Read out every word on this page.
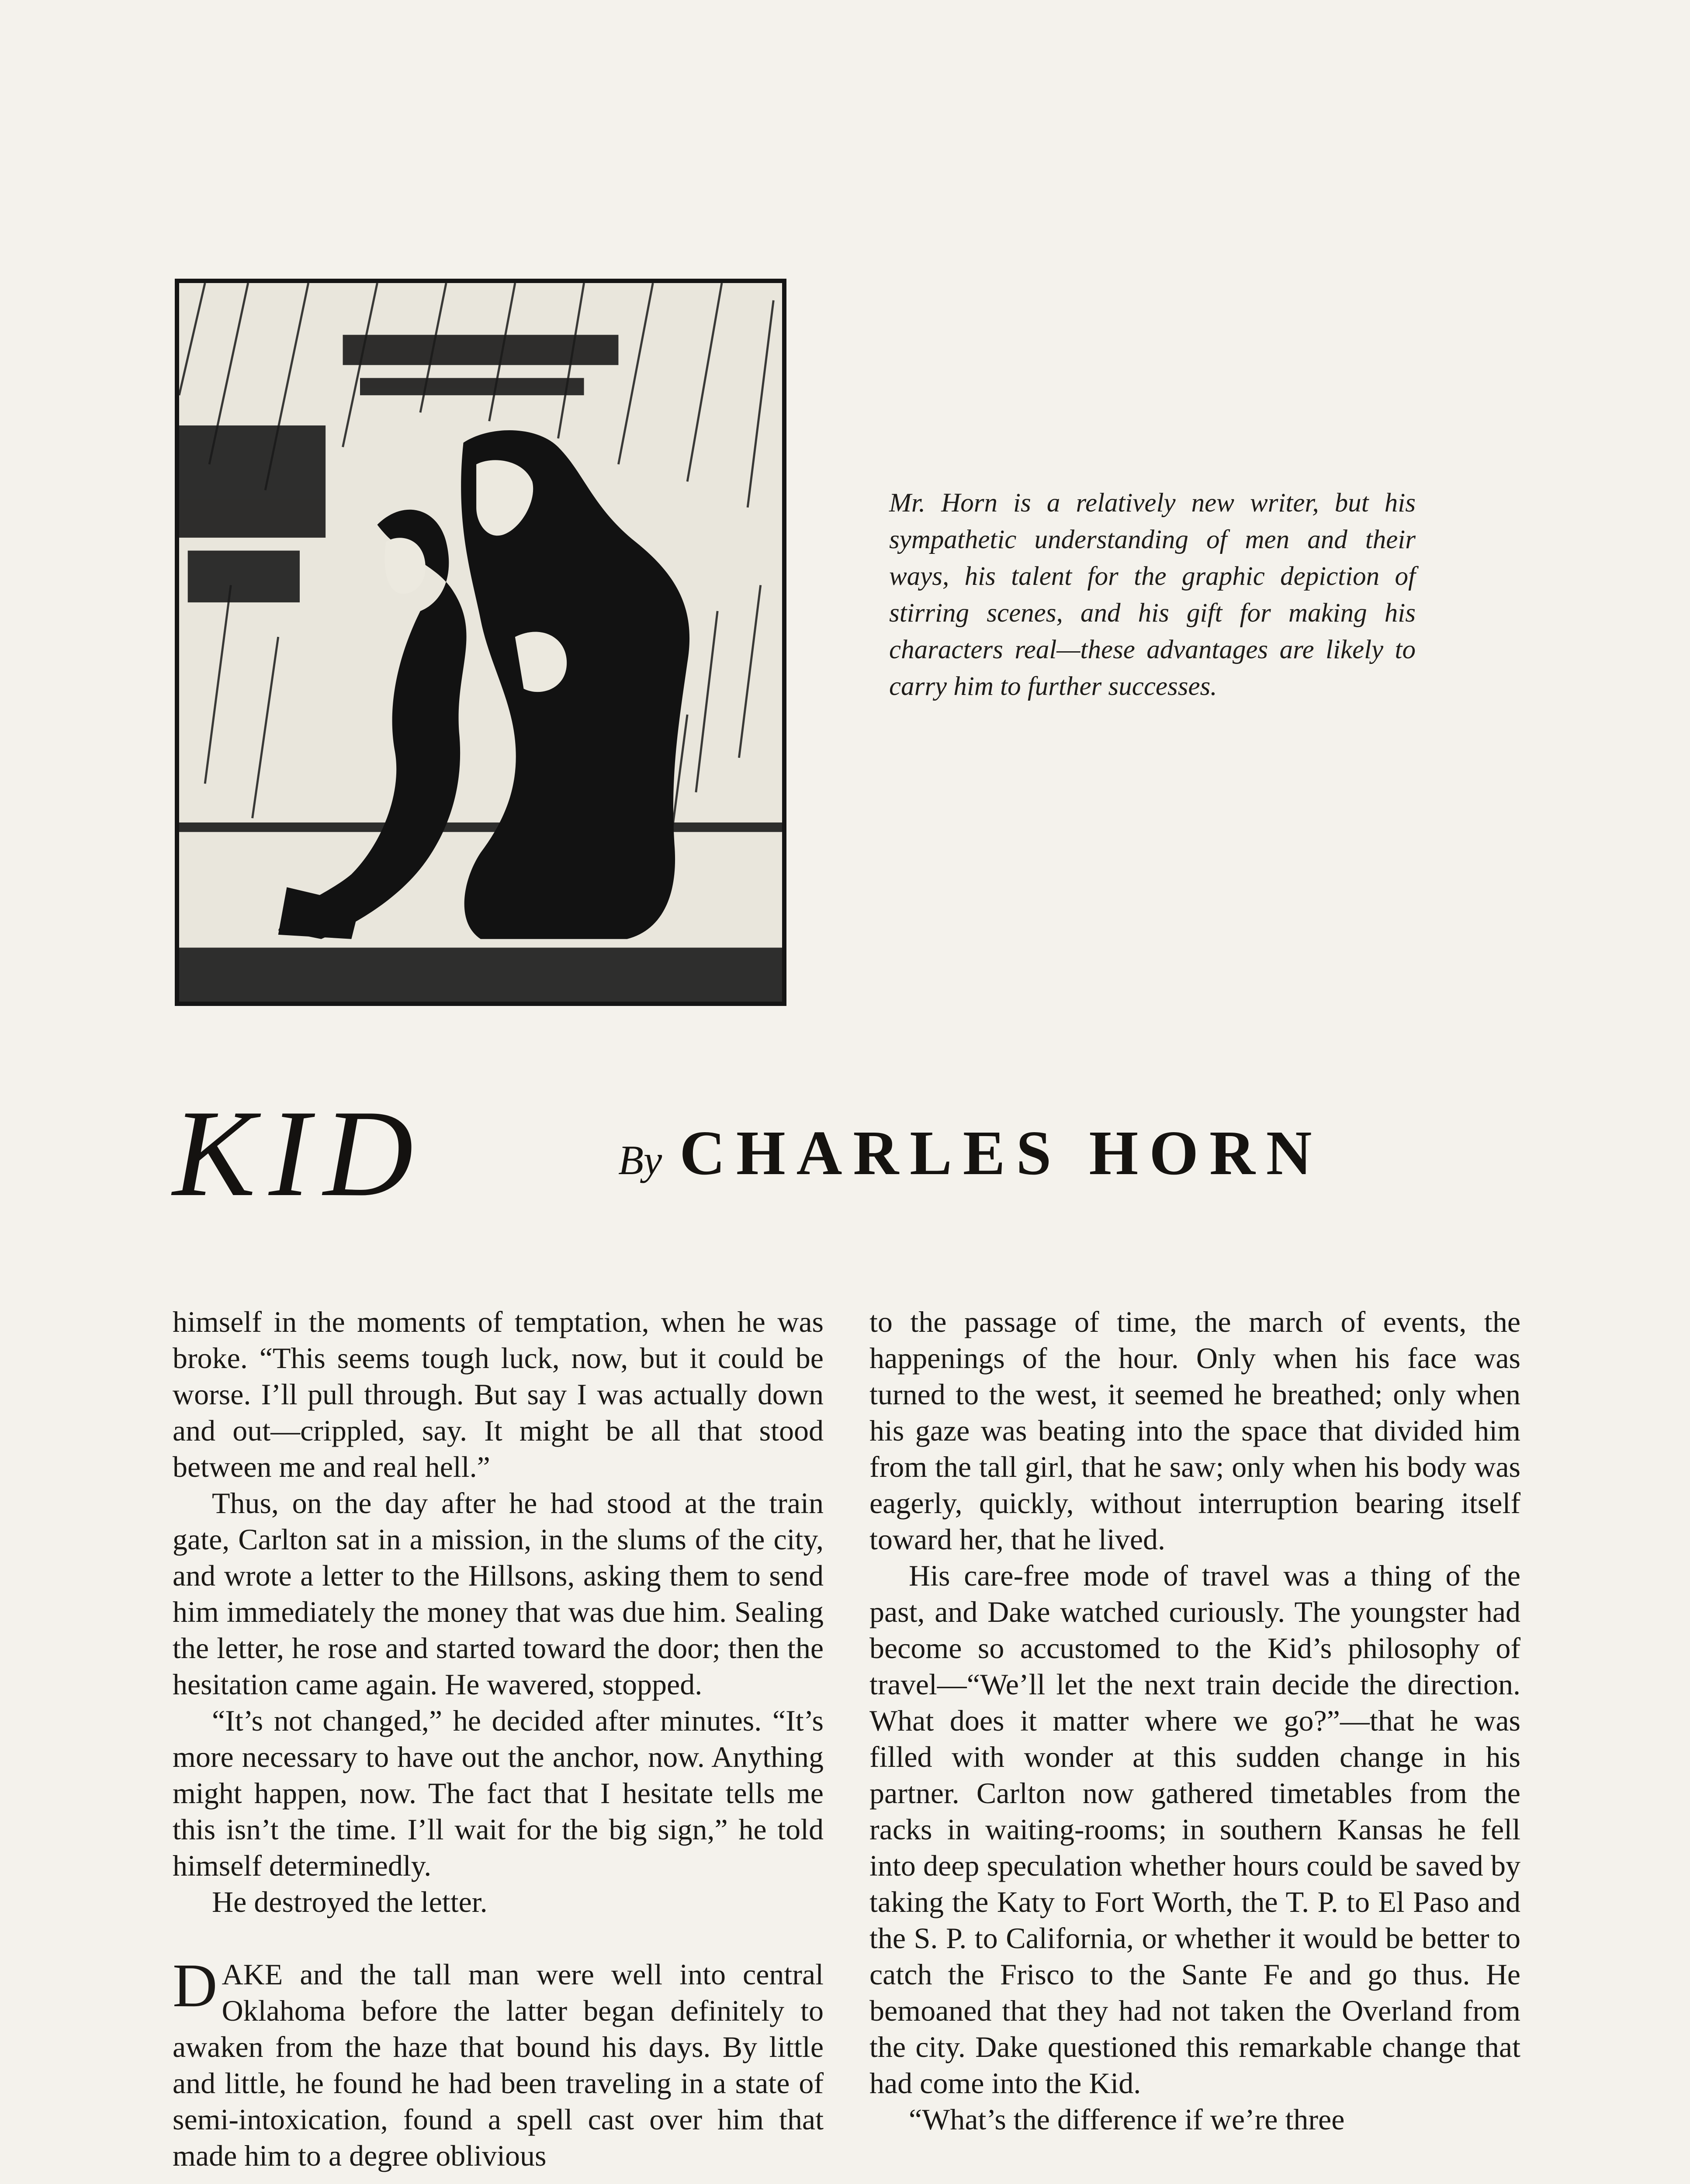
Mr. Horn is a relatively new writer, but his sympathetic understanding of men and their ways, his talent for the graphic depiction of stirring scenes, and his gift for making his characters real—these advantages are likely to carry him to further successes.

KID	By CHARLES HORN

himself in the moments of temptation, when he was broke. “This seems tough luck, now, but it could be worse. I’ll pull through. But say I was actually down and out—crippled, say. It might be all that stood between me and real hell.”

Thus, on the day after he had stood at the train gate, Carlton sat in a mission, in the slums of the city, and wrote a letter to the Hillsons, asking them to send him immediately the money that was due him. Sealing the letter, he rose and started toward the door; then the hesitation came again. He wavered, stopped.

“It’s not changed,” he decided after minutes. “It’s more necessary to have out the anchor, now. Anything might happen, now. The fact that I hesitate tells me this isn’t the time. I’ll wait for the big sign,” he told himself determinedly.

He destroyed the letter.

DAKE and the tall man were well into central Oklahoma before the latter began definitely to awaken from the haze that bound his days. By little and little, he found he had been traveling in a state of semi-intoxication, found a spell cast over him that made him to a degree oblivious

to the passage of time, the march of events, the happenings of the hour. Only when his face was turned to the west, it seemed he breathed; only when his gaze was beating into the space that divided him from the tall girl, that he saw; only when his body was eagerly, quickly, without interruption bearing itself toward her, that he lived.

His care-free mode of travel was a thing of the past, and Dake watched curiously. The youngster had become so accustomed to the Kid’s philosophy of travel—“We’ll let the next train decide the direction. What does it matter where we go?”—that he was filled with wonder at this sudden change in his partner. Carlton now gathered timetables from the racks in waiting-rooms; in southern Kansas he fell into deep speculation whether hours could be saved by taking the Katy to Fort Worth, the T. P. to El Paso and the S. P. to California, or whether it would be better to catch the Frisco to the Sante Fe and go thus. He bemoaned that they had not taken the Overland from the city. Dake questioned this remarkable change that had come into the Kid.

“What’s the difference if we’re three
